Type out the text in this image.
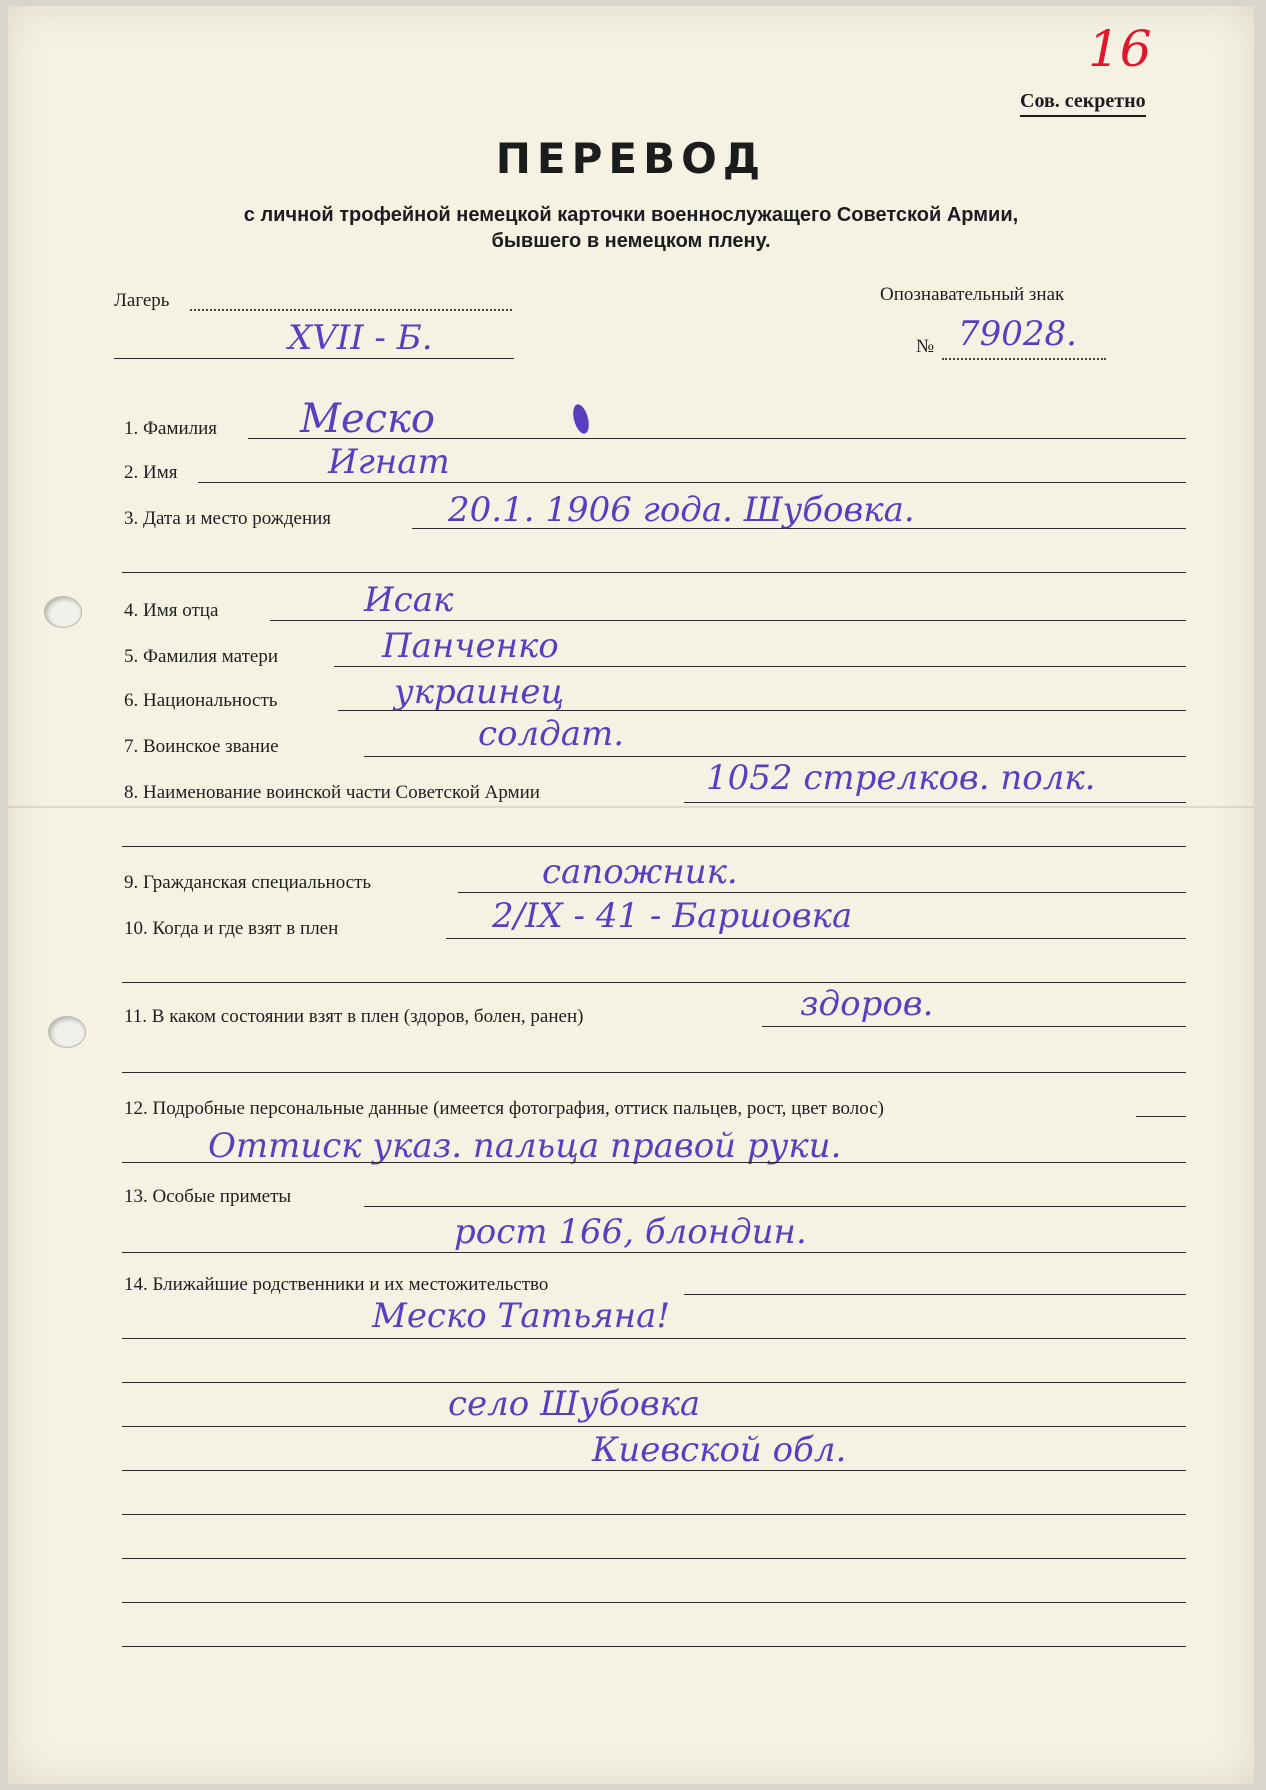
16
Сов. секретно
ПЕРЕВОД
с личной трофейной немецкой карточки военнослужащего Советской Армии,
бывшего в немецком плену.
Лагерь
XVII - Б.
Опознавательный знак
№ 79028.
1. Фамилия Меско
2. Имя	Игнат
3. Дата и место рождения	20.1. 1906 года. Шубовка.
4. Имя отца	Исак
5. Фамилия матери	Панченко
6. Национальность	украинец
7. Воинское звание	солдат.
8. Наименование воинской части Советской Армии	1052 стрелков. полк.
9. Гражданская специальность	сапожник.
10. Когда и где взят в плен	2/IX - 41 - Баршовка
11. В каком состоянии взят в плен (здоров, болен, ранен)	здоров.
12. Подробные персональные данные (имеется фотография, оттиск пальцев, рост, цвет волос)
Оттиск указ. пальца правой руки.
13. Особые приметы
рост 166, блондин.
14. Ближайшие родственники и их местожительство
Меско Татьяна!
село Шубовка
Киевской обл.
